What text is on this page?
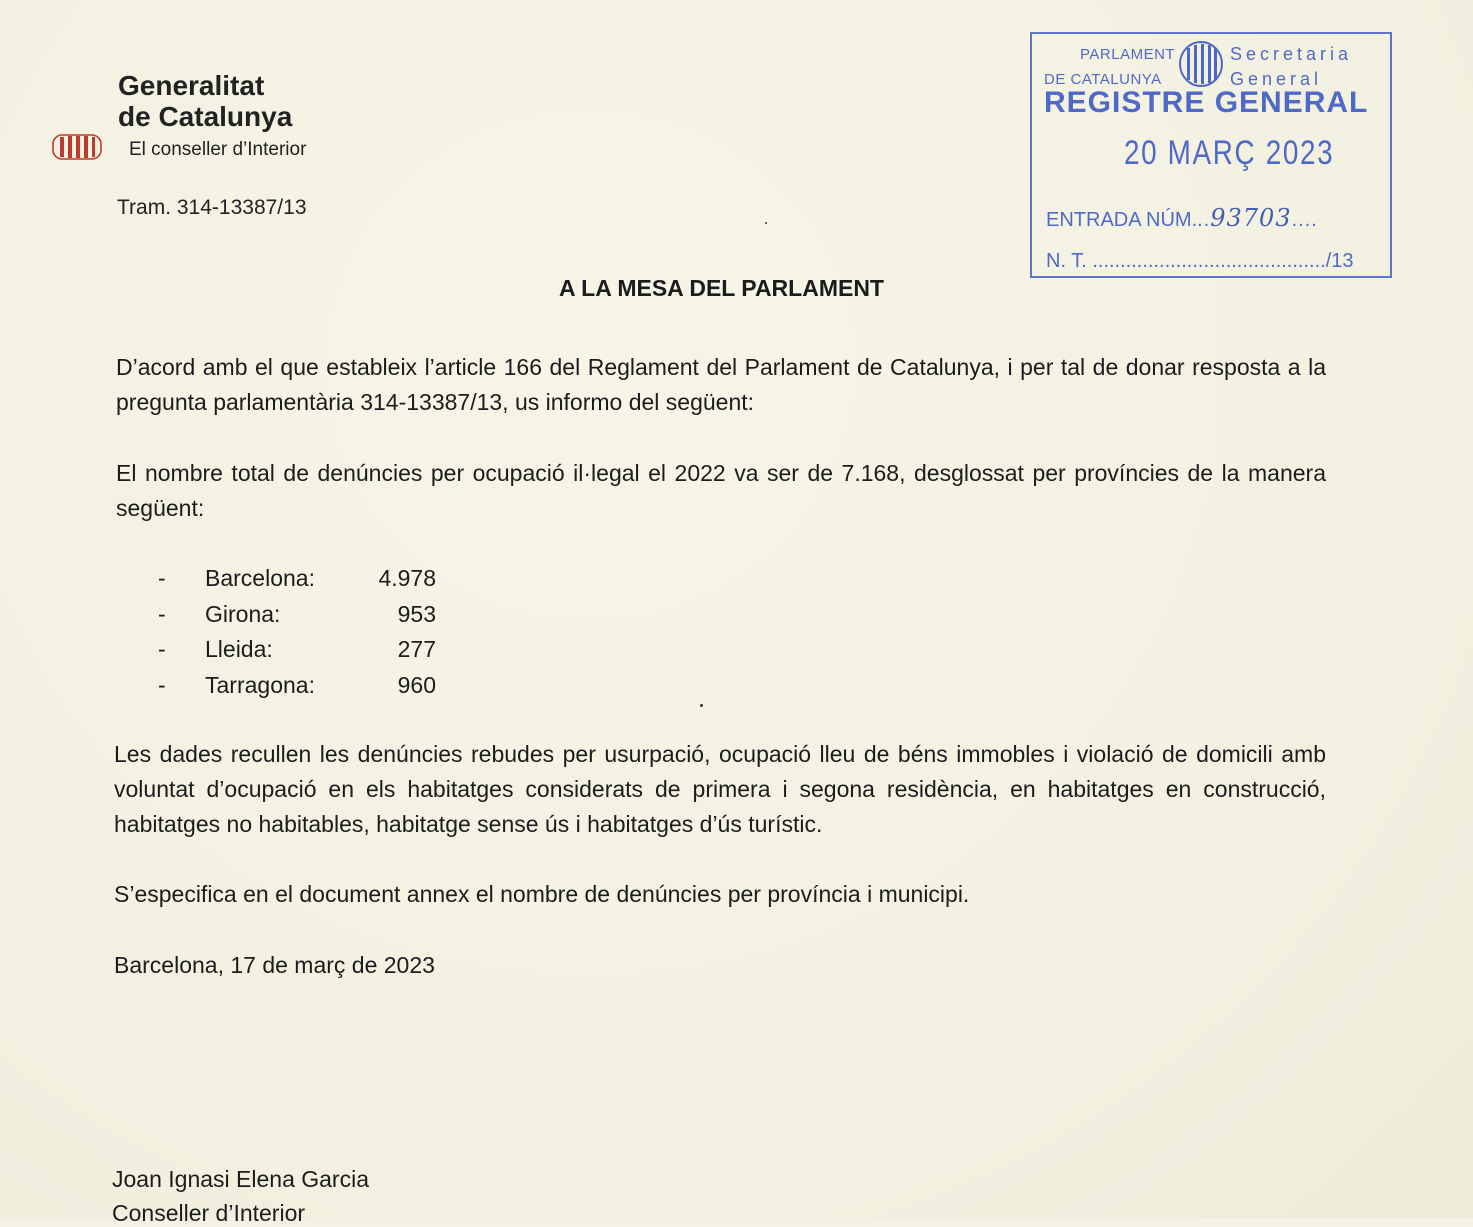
Generalitat
de Catalunya
El conseller d’Interior
Tram. 314-13387/13
PARLAMENT
DE CATALUNYA
Secretaria
General
REGISTRE GENERAL
20 MARÇ 2023
ENTRADA NÚM...93703....
N. T. ........................................../13
A LA MESA DEL PARLAMENT
D’acord amb el que estableix l’article 166 del Reglament del Parlament de Catalunya, i per tal de donar resposta a la pregunta parlamentària 314-13387/13, us informo del següent:
El nombre total de denúncies per ocupació il·legal el 2022 va ser de 7.168, desglossat per províncies de la manera següent:
- Barcelona:	4.978
- Girona:	953
- Lleida:	277
- Tarragona:	960
Les dades recullen les denúncies rebudes per usurpació, ocupació lleu de béns immobles i violació de domicili amb voluntat d’ocupació en els habitatges considerats de primera i segona residència, en habitatges en construcció, habitatges no habitables, habitatge sense ús i habitatges d’ús turístic.
S’especifica en el document annex el nombre de denúncies per província i municipi.
Barcelona, 17 de març de 2023
Joan Ignasi Elena Garcia
Conseller d’Interior
